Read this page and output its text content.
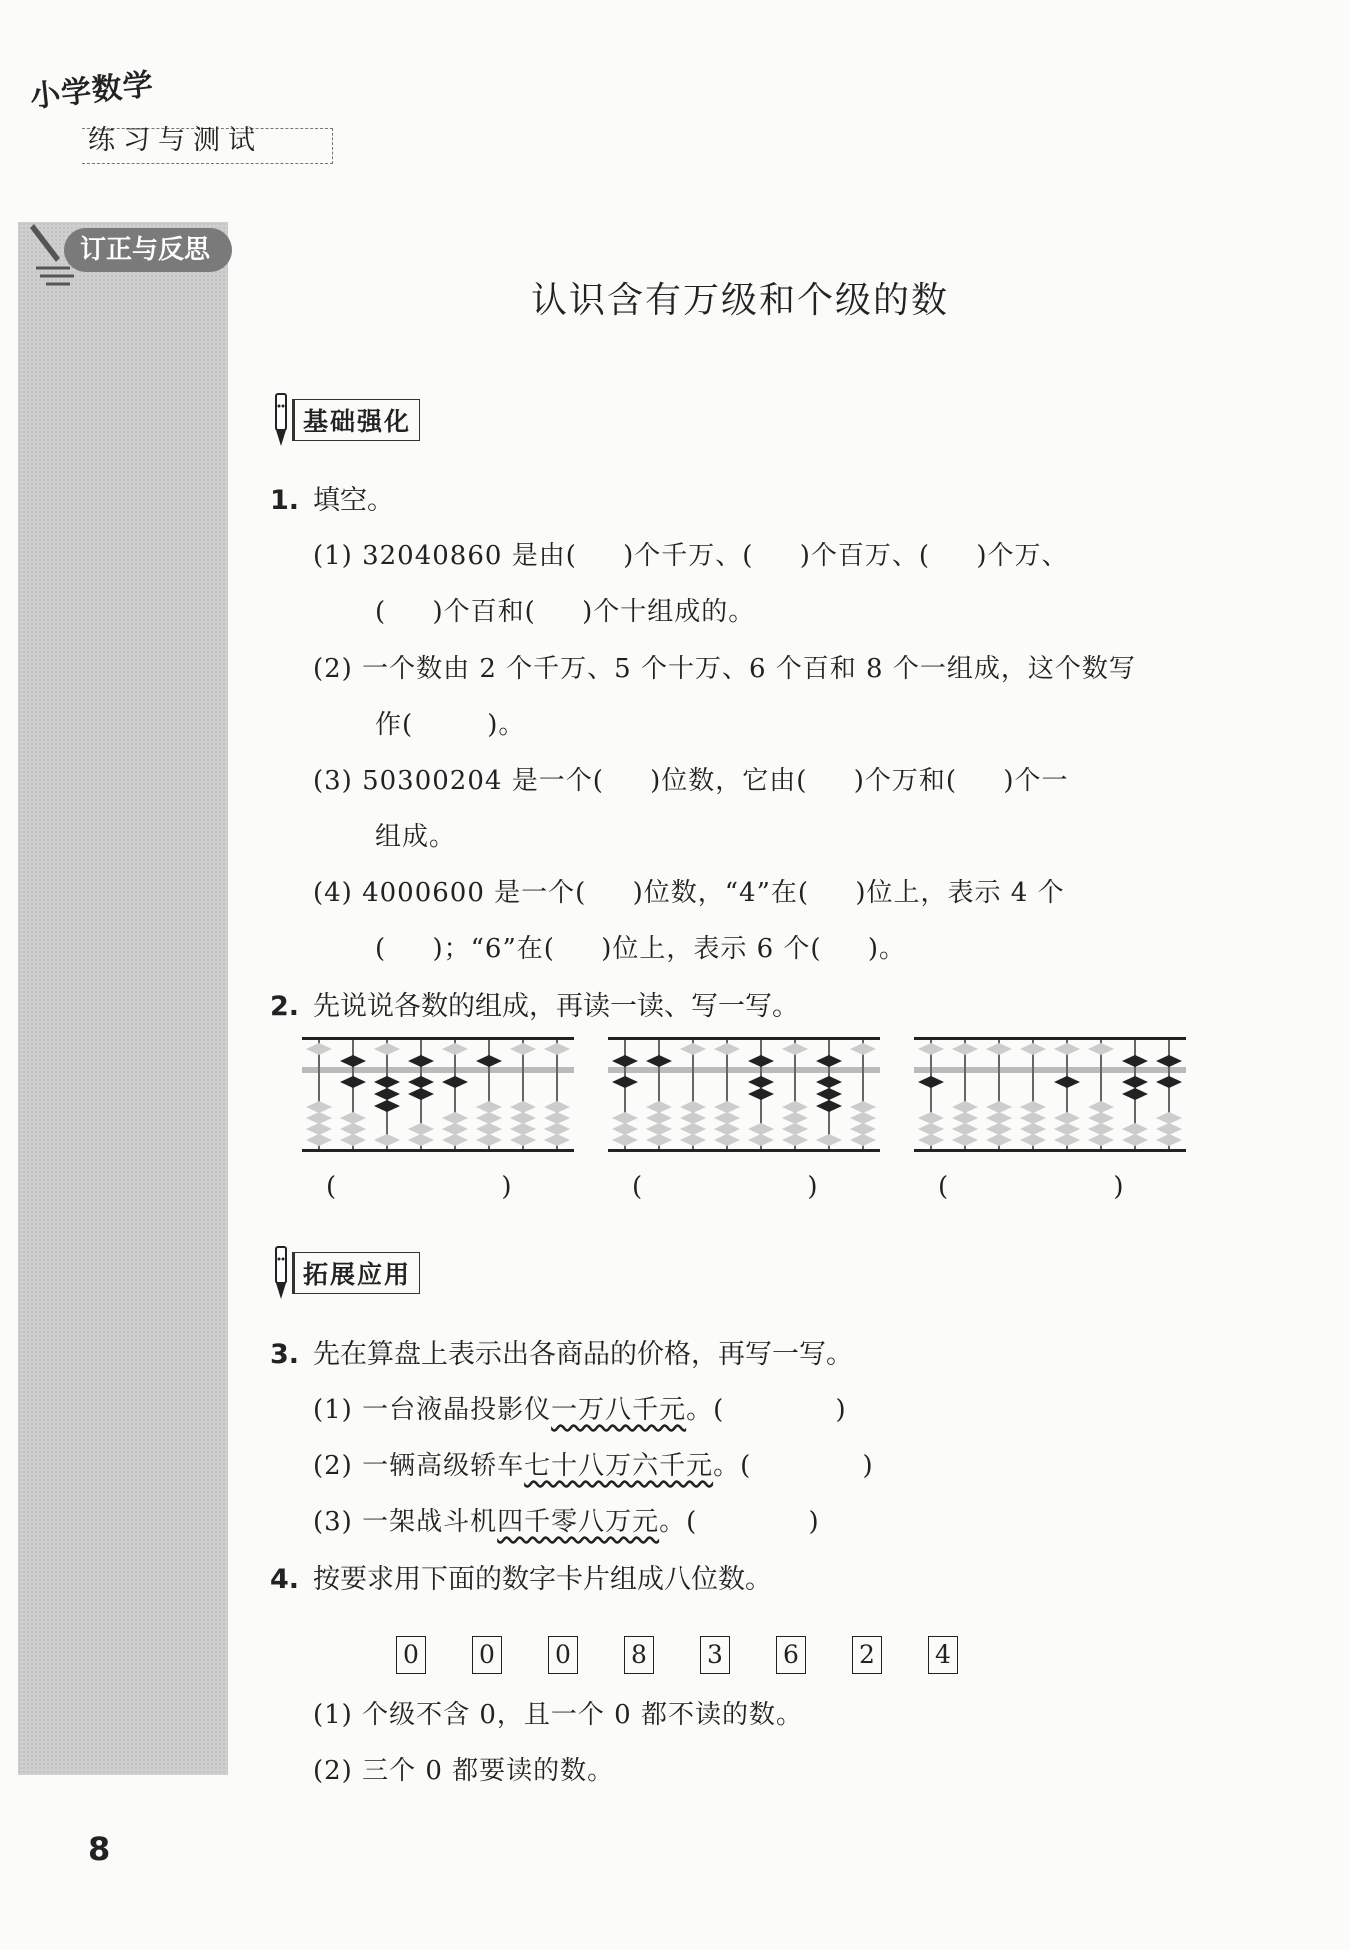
小学数学
练习与测试
订正与反思
认识含有万级和个级的数
基础强化
1. 填空。
(1) 32040860 是由(     )个千万、(     )个百万、(     )个万、
(     )个百和(     )个十组成的。
(2) 一个数由 2 个千万、5 个十万、6 个百和 8 个一组成，这个数写
作(        )。
(3) 50300204 是一个(     )位数，它由(     )个万和(     )个一
组成。
(4) 4000600 是一个(     )位数，“4”在(     )位上，表示 4 个
(     )；“6”在(     )位上，表示 6 个(     )。
2. 先说说各数的组成，再读一读、写一写。
(                    )	(                    )	(                    )
拓展应用
3. 先在算盘上表示出各商品的价格，再写一写。
(1) 一台液晶投影仪一万八千元。(            )
(2) 一辆高级轿车七十八万六千元。(            )
(3) 一架战斗机四千零八万元。(            )
4. 按要求用下面的数字卡片组成八位数。
0 0 0 8 3 6 2 4
(1) 个级不含 0，且一个 0 都不读的数。
(2) 三个 0 都要读的数。
8
